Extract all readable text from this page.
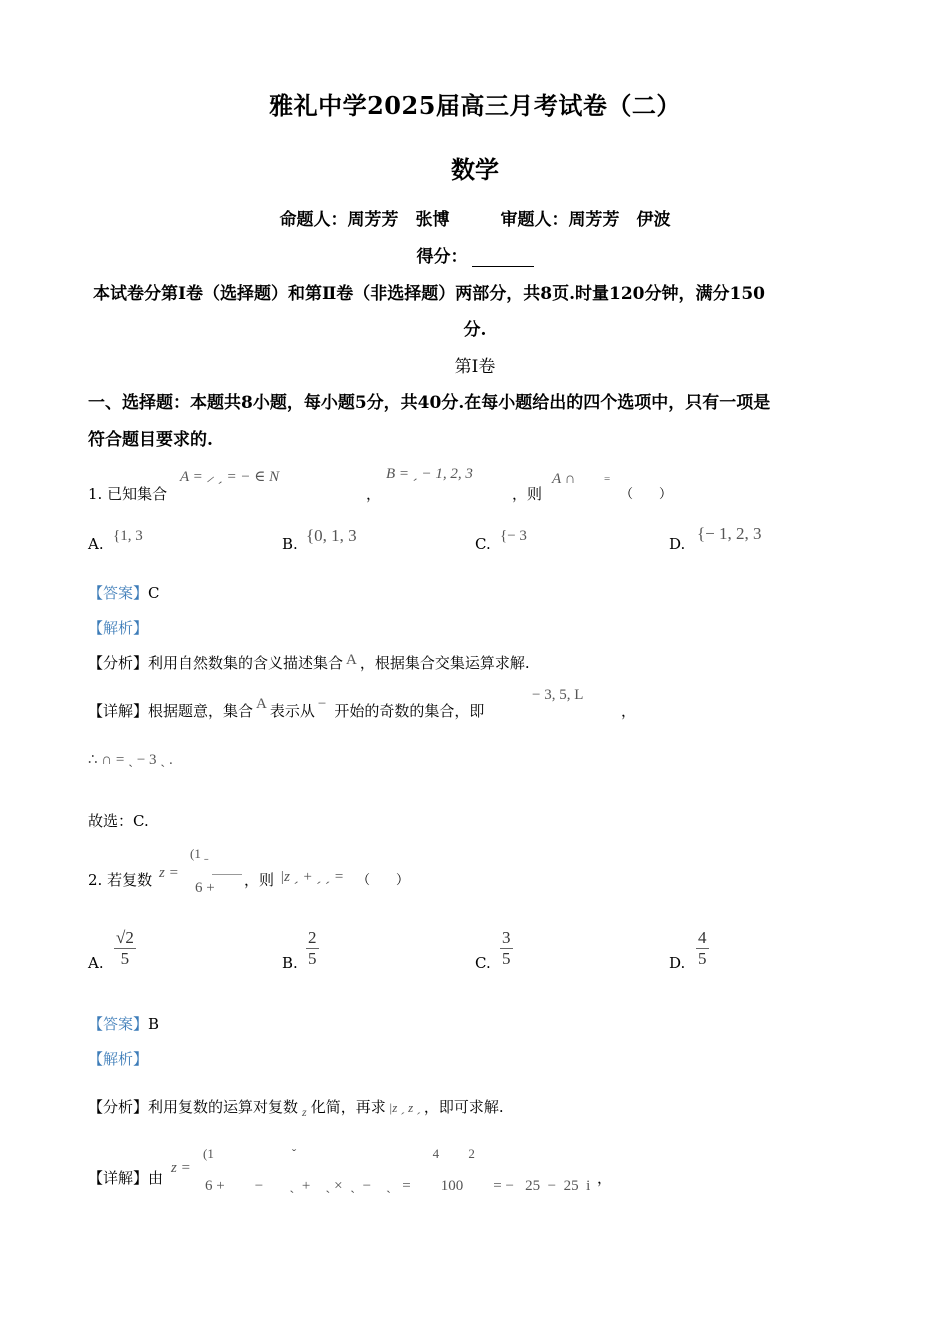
雅礼中学2025届高三月考试卷（二）
数学
命题人：周芳芳　张博　　　审题人：周芳芳　伊波
得分：
本试卷分第Ⅰ卷（选择题）和第Ⅱ卷（非选择题）两部分，共8页.时量120分钟，满分150
分.
第Ⅰ卷
一、选择题：本题共8小题，每小题5分，共40分.在每小题给出的四个选项中，只有一项是
符合题目要求的.
1. 已知集合
A = ⸝ ˏ = − ∈ N
，
B = ˏ − 1, 2, 3
，则
A ∩	=
（　　）
A. {1, 3	B. {0, 1, 3	C. {− 3	D.
{− 1, 2, 3
【答案】C
【解析】
【分析】利用自然数集的含义描述集合 A ，根据集合交集运算求解.
【详解】根据题意，集合 A 表示从 − 开始的奇数的集合，即
− 3, 5, L
，
∴ ∩ = ˏ − 3 ˏ .
故选：C.
2. 若复数 z =
(1 ˍ
6 + ，则 |z ˏ + ˏ ˏ = （　　）
A. $\frac{√2}{5}$	B. $\frac{2}{5}$	C. $\frac{3}{5}$	D. $\frac{4}{5}$
【答案】B
【解析】
【分析】利用复数的运算对复数 $_z$ 化简，再求 |z ˏ z ˏ ，即可求解.
【详解】由
z =
(1                        ˇ                                          4         2
6 +        −       ˏ  +    ˏ ×  ˏ  −    ˏ   =        100        = −   25  −  25  i ，
